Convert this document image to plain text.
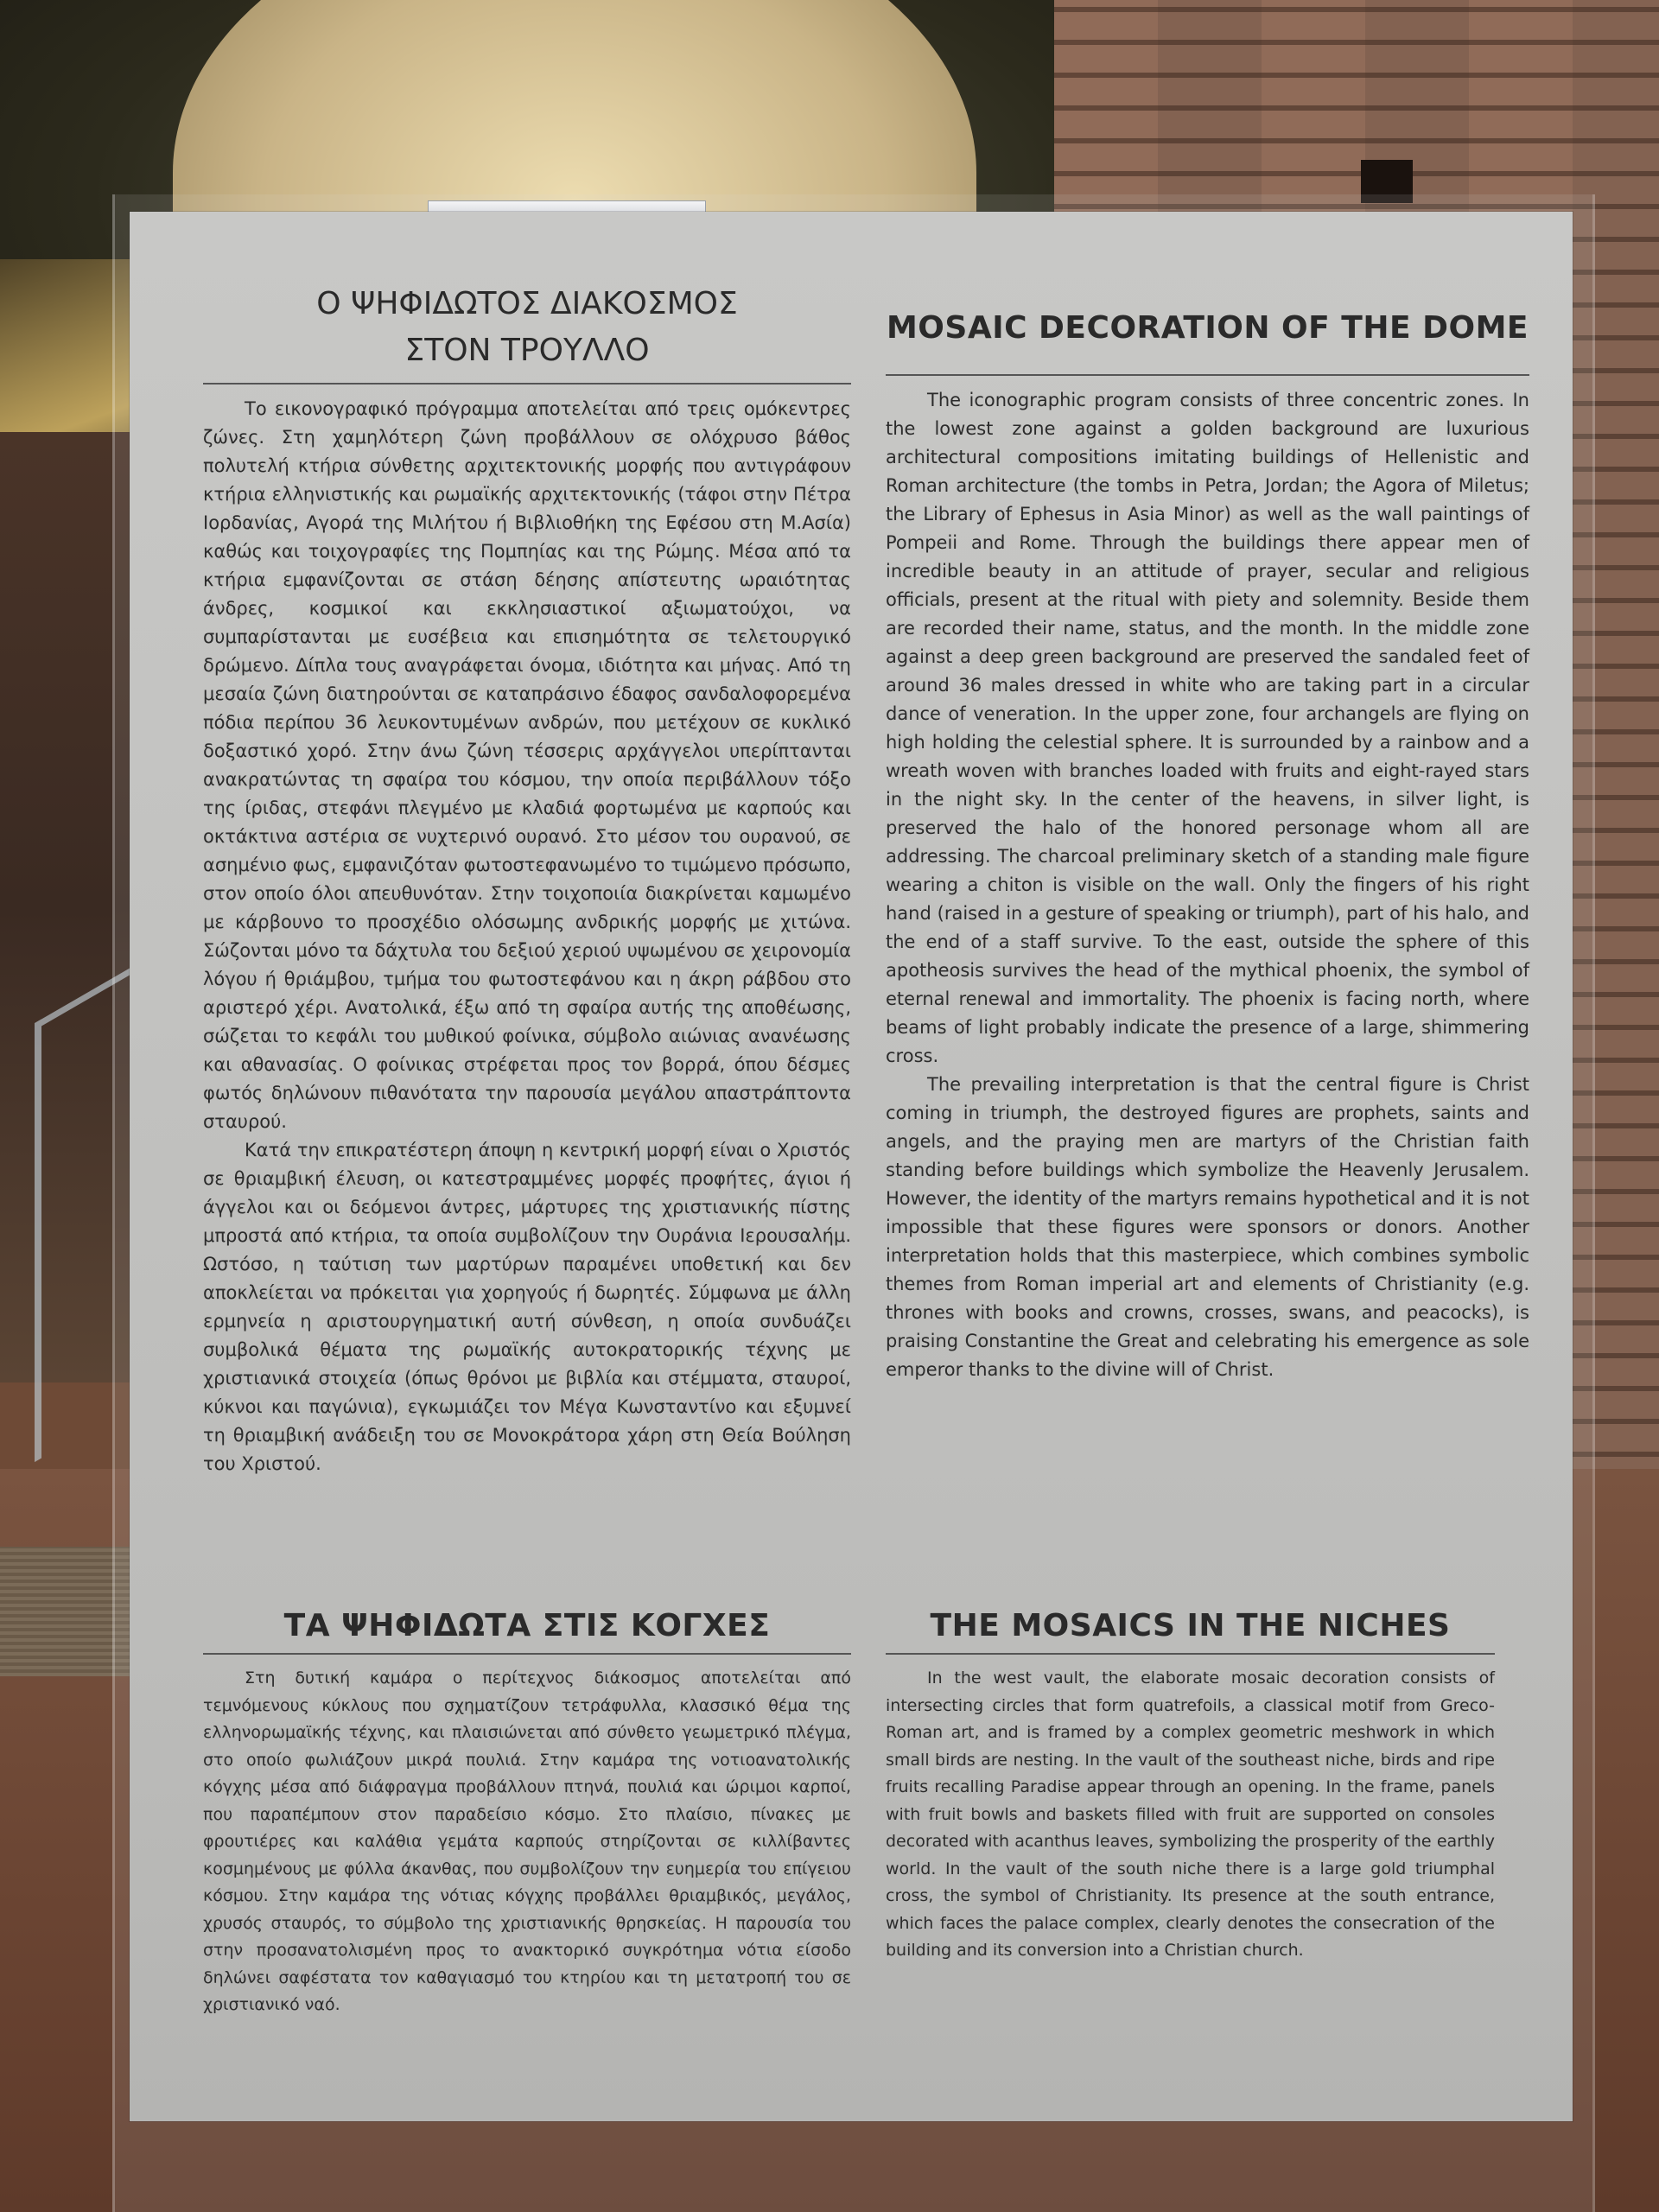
Ο ΨΗΦΙΔΩΤΟΣ ΔΙΑΚΟΣΜΟΣ
ΣΤΟΝ ΤΡΟΥΛΛΟ

Το εικονογραφικό πρόγραμμα αποτελείται από τρεις ομόκεντρες ζώνες. Στη χαμηλότερη ζώνη προβάλλουν σε ολόχρυσο βάθος πολυτελή κτήρια σύνθετης αρχιτεκτονικής μορφής που αντιγράφουν κτήρια ελληνιστικής και ρωμαϊκής αρχιτεκτονικής (τάφοι στην Πέτρα Ιορδανίας, Αγορά της Μιλήτου ή Βιβλιοθήκη της Εφέσου στη Μ.Ασία) καθώς και τοιχογραφίες της Πομπηίας και της Ρώμης. Μέσα από τα κτήρια εμφανίζονται σε στάση δέησης απίστευτης ωραιότητας άνδρες, κοσμικοί και εκκλησιαστικοί αξιωματούχοι, να συμπαρίστανται με ευσέβεια και επισημότητα σε τελετουργικό δρώμενο. Δίπλα τους αναγράφεται όνομα, ιδιότητα και μήνας. Από τη μεσαία ζώνη διατηρούνται σε καταπράσινο έδαφος σανδαλοφορεμένα πόδια περίπου 36 λευκοντυμένων ανδρών, που μετέχουν σε κυκλικό δοξαστικό χορό. Στην άνω ζώνη τέσσερις αρχάγγελοι υπερίπτανται ανακρατώντας τη σφαίρα του κόσμου, την οποία περιβάλλουν τόξο της ίριδας, στεφάνι πλεγμένο με κλαδιά φορτωμένα με καρπούς και οκτάκτινα αστέρια σε νυχτερινό ουρανό. Στο μέσον του ουρανού, σε ασημένιο φως, εμφανιζόταν φωτοστεφανωμένο το τιμώμενο πρόσωπο, στον οποίο όλοι απευθυνόταν. Στην τοιχοποιία διακρίνεται καμωμένο με κάρβουνο το προσχέδιο ολόσωμης ανδρικής μορφής με χιτώνα. Σώζονται μόνο τα δάχτυλα του δεξιού χεριού υψωμένου σε χειρονομία λόγου ή θριάμβου, τμήμα του φωτοστεφάνου και η άκρη ράβδου στο αριστερό χέρι. Ανατολικά, έξω από τη σφαίρα αυτής της αποθέωσης, σώζεται το κεφάλι του μυθικού φοίνικα, σύμβολο αιώνιας ανανέωσης και αθανασίας. Ο φοίνικας στρέφεται προς τον βορρά, όπου δέσμες φωτός δηλώνουν πιθανότατα την παρουσία μεγάλου απαστράπτοντα σταυρού.

Κατά την επικρατέστερη άποψη η κεντρική μορφή είναι ο Χριστός σε θριαμβική έλευση, οι κατεστραμμένες μορφές προφήτες, άγιοι ή άγγελοι και οι δεόμενοι άντρες, μάρτυρες της χριστιανικής πίστης μπροστά από κτήρια, τα οποία συμβολίζουν την Ουράνια Ιερουσαλήμ. Ωστόσο, η ταύτιση των μαρτύρων παραμένει υποθετική και δεν αποκλείεται να πρόκειται για χορηγούς ή δωρητές. Σύμφωνα με άλλη ερμηνεία η αριστουργηματική αυτή σύνθεση, η οποία συνδυάζει συμβολικά θέματα της ρωμαϊκής αυτοκρατορικής τέχνης με χριστιανικά στοιχεία (όπως θρόνοι με βιβλία και στέμματα, σταυροί, κύκνοι και παγώνια), εγκωμιάζει τον Μέγα Κωνσταντίνο και εξυμνεί τη θριαμβική ανάδειξη του σε Μονοκράτορα χάρη στη Θεία Βούληση του Χριστού.

MOSAIC DECORATION OF THE DOME

The iconographic program consists of three concentric zones. In the lowest zone against a golden background are luxurious architectural compositions imitating buildings of Hellenistic and Roman architecture (the tombs in Petra, Jordan; the Agora of Miletus; the Library of Ephesus in Asia Minor) as well as the wall paintings of Pompeii and Rome. Through the buildings there appear men of incredible beauty in an attitude of prayer, secular and religious officials, present at the ritual with piety and solemnity. Beside them are recorded their name, status, and the month. In the middle zone against a deep green background are preserved the sandaled feet of around 36 males dressed in white who are taking part in a circular dance of veneration. In the upper zone, four archangels are flying on high holding the celestial sphere. It is surrounded by a rainbow and a wreath woven with branches loaded with fruits and eight-rayed stars in the night sky. In the center of the heavens, in silver light, is preserved the halo of the honored personage whom all are addressing. The charcoal preliminary sketch of a standing male figure wearing a chiton is visible on the wall. Only the fingers of his right hand (raised in a gesture of speaking or triumph), part of his halo, and the end of a staff survive. To the east, outside the sphere of this apotheosis survives the head of the mythical phoenix, the symbol of eternal renewal and immortality. The phoenix is facing north, where beams of light probably indicate the presence of a large, shimmering cross.

The prevailing interpretation is that the central figure is Christ coming in triumph, the destroyed figures are prophets, saints and angels, and the praying men are martyrs of the Christian faith standing before buildings which symbolize the Heavenly Jerusalem. However, the identity of the martyrs remains hypothetical and it is not impossible that these figures were sponsors or donors. Another interpretation holds that this masterpiece, which combines symbolic themes from Roman imperial art and elements of Christianity (e.g. thrones with books and crowns, crosses, swans, and peacocks), is praising Constantine the Great and celebrating his emergence as sole emperor thanks to the divine will of Christ.

ΤΑ ΨΗΦΙΔΩΤΑ ΣΤΙΣ ΚΟΓΧΕΣ

Στη δυτική καμάρα ο περίτεχνος διάκοσμος αποτελείται από τεμνόμενους κύκλους που σχηματίζουν τετράφυλλα, κλασσικό θέμα της ελληνορωμαϊκής τέχνης, και πλαισιώνεται από σύνθετο γεωμετρικό πλέγμα, στο οποίο φωλιάζουν μικρά πουλιά. Στην καμάρα της νοτιοανατολικής κόγχης μέσα από διάφραγμα προβάλλουν πτηνά, πουλιά και ώριμοι καρποί, που παραπέμπουν στον παραδείσιο κόσμο. Στο πλαίσιο, πίνακες με φρουτιέρες και καλάθια γεμάτα καρπούς στηρίζονται σε κιλλίβαντες κοσμημένους με φύλλα άκανθας, που συμβολίζουν την ευημερία του επίγειου κόσμου. Στην καμάρα της νότιας κόγχης προβάλλει θριαμβικός, μεγάλος, χρυσός σταυρός, το σύμβολο της χριστιανικής θρησκείας. Η παρουσία του στην προσανατολισμένη προς το ανακτορικό συγκρότημα νότια είσοδο δηλώνει σαφέστατα τον καθαγιασμό του κτηρίου και τη μετατροπή του σε χριστιανικό ναό.

THE MOSAICS IN THE NICHES

In the west vault, the elaborate mosaic decoration consists of intersecting circles that form quatrefoils, a classical motif from Greco-Roman art, and is framed by a complex geometric meshwork in which small birds are nesting. In the vault of the southeast niche, birds and ripe fruits recalling Paradise appear through an opening. In the frame, panels with fruit bowls and baskets filled with fruit are supported on consoles decorated with acanthus leaves, symbolizing the prosperity of the earthly world. In the vault of the south niche there is a large gold triumphal cross, the symbol of Christianity. Its presence at the south entrance, which faces the palace complex, clearly denotes the consecration of the building and its conversion into a Christian church.
